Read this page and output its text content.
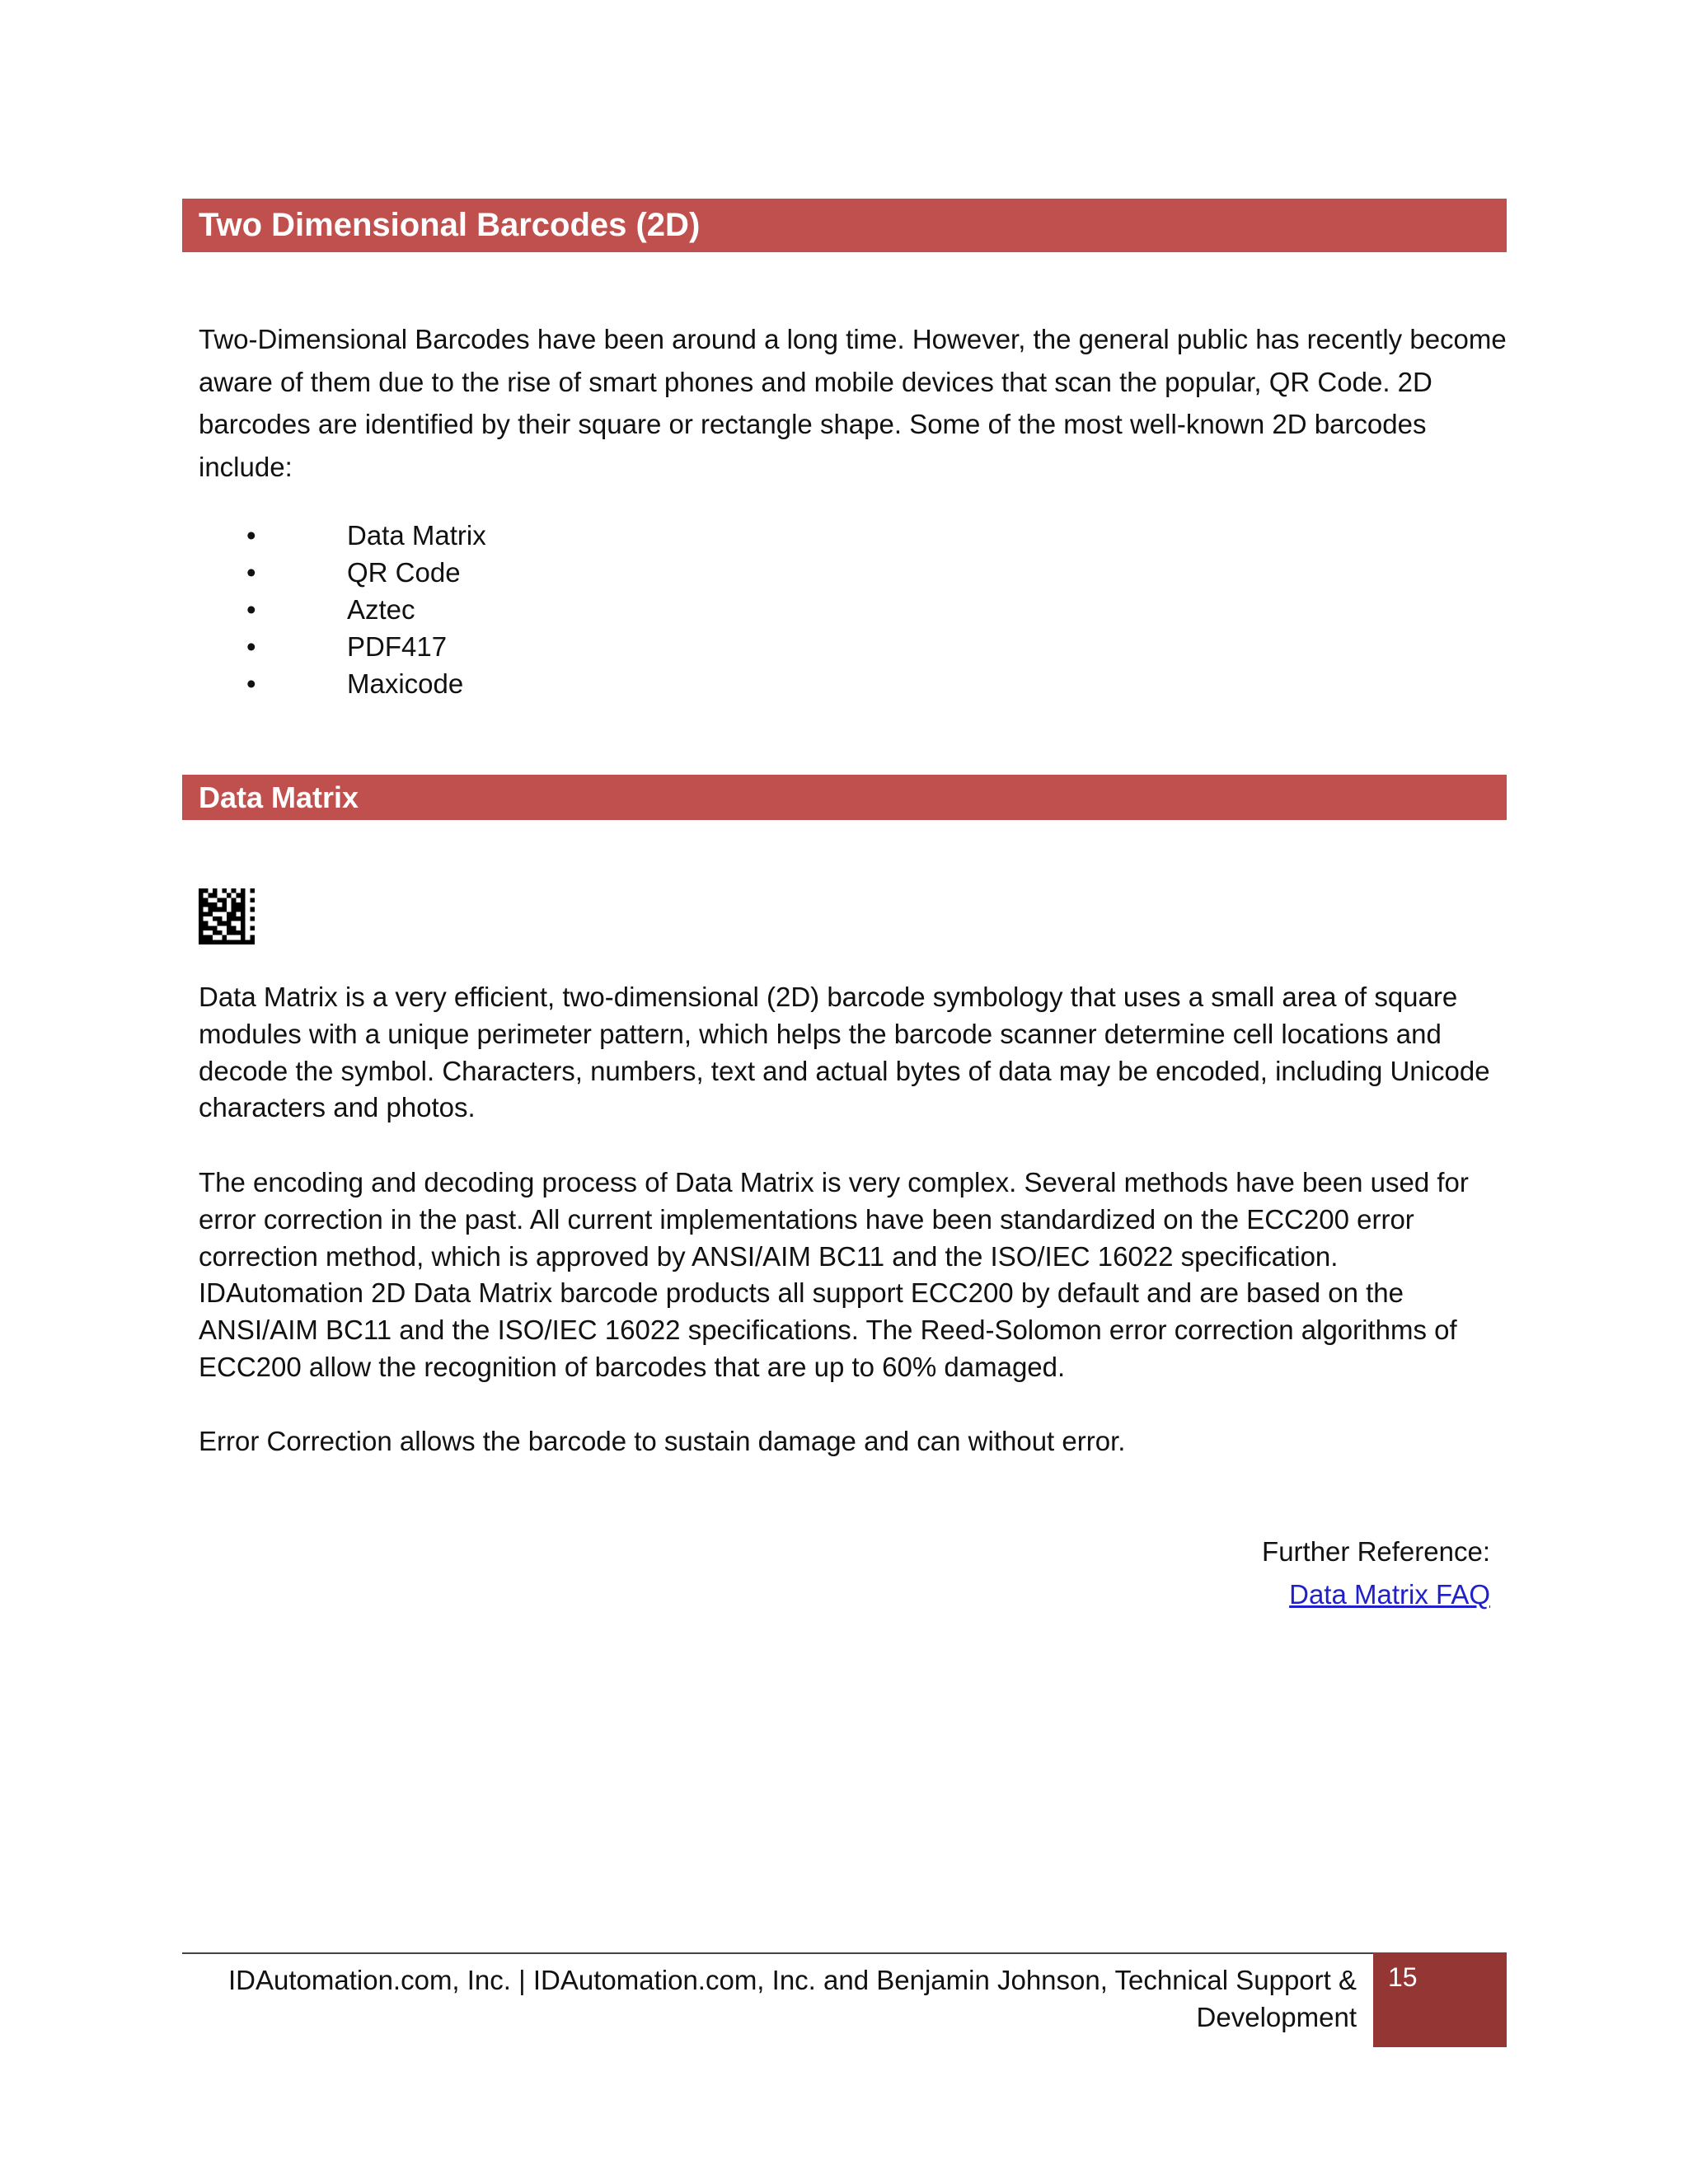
Two Dimensional Barcodes (2D)
Two-Dimensional Barcodes have been around a long time. However, the general public has recently become aware of them due to the rise of smart phones and mobile devices that scan the popular, QR Code. 2D barcodes are identified by their square or rectangle shape. Some of the most well-known 2D barcodes include:
•	Data Matrix
•	QR Code
•	Aztec
•	PDF417
•	Maxicode
Data Matrix
Data Matrix is a very efficient, two-dimensional (2D) barcode symbology that uses a small area of square modules with a unique perimeter pattern, which helps the barcode scanner determine cell locations and decode the symbol. Characters, numbers, text and actual bytes of data may be encoded, including Unicode characters and photos.
The encoding and decoding process of Data Matrix is very complex. Several methods have been used for error correction in the past. All current implementations have been standardized on the ECC200 error correction method, which is approved by ANSI/AIM BC11 and the ISO/IEC 16022 specification. IDAutomation 2D Data Matrix barcode products all support ECC200 by default and are based on the ANSI/AIM BC11 and the ISO/IEC 16022 specifications. The Reed-Solomon error correction algorithms of ECC200 allow the recognition of barcodes that are up to 60% damaged.
Error Correction allows the barcode to sustain damage and can without error.
Further Reference:
Data Matrix FAQ
IDAutomation.com, Inc. | IDAutomation.com, Inc. and Benjamin Johnson, Technical Support & Development
15
